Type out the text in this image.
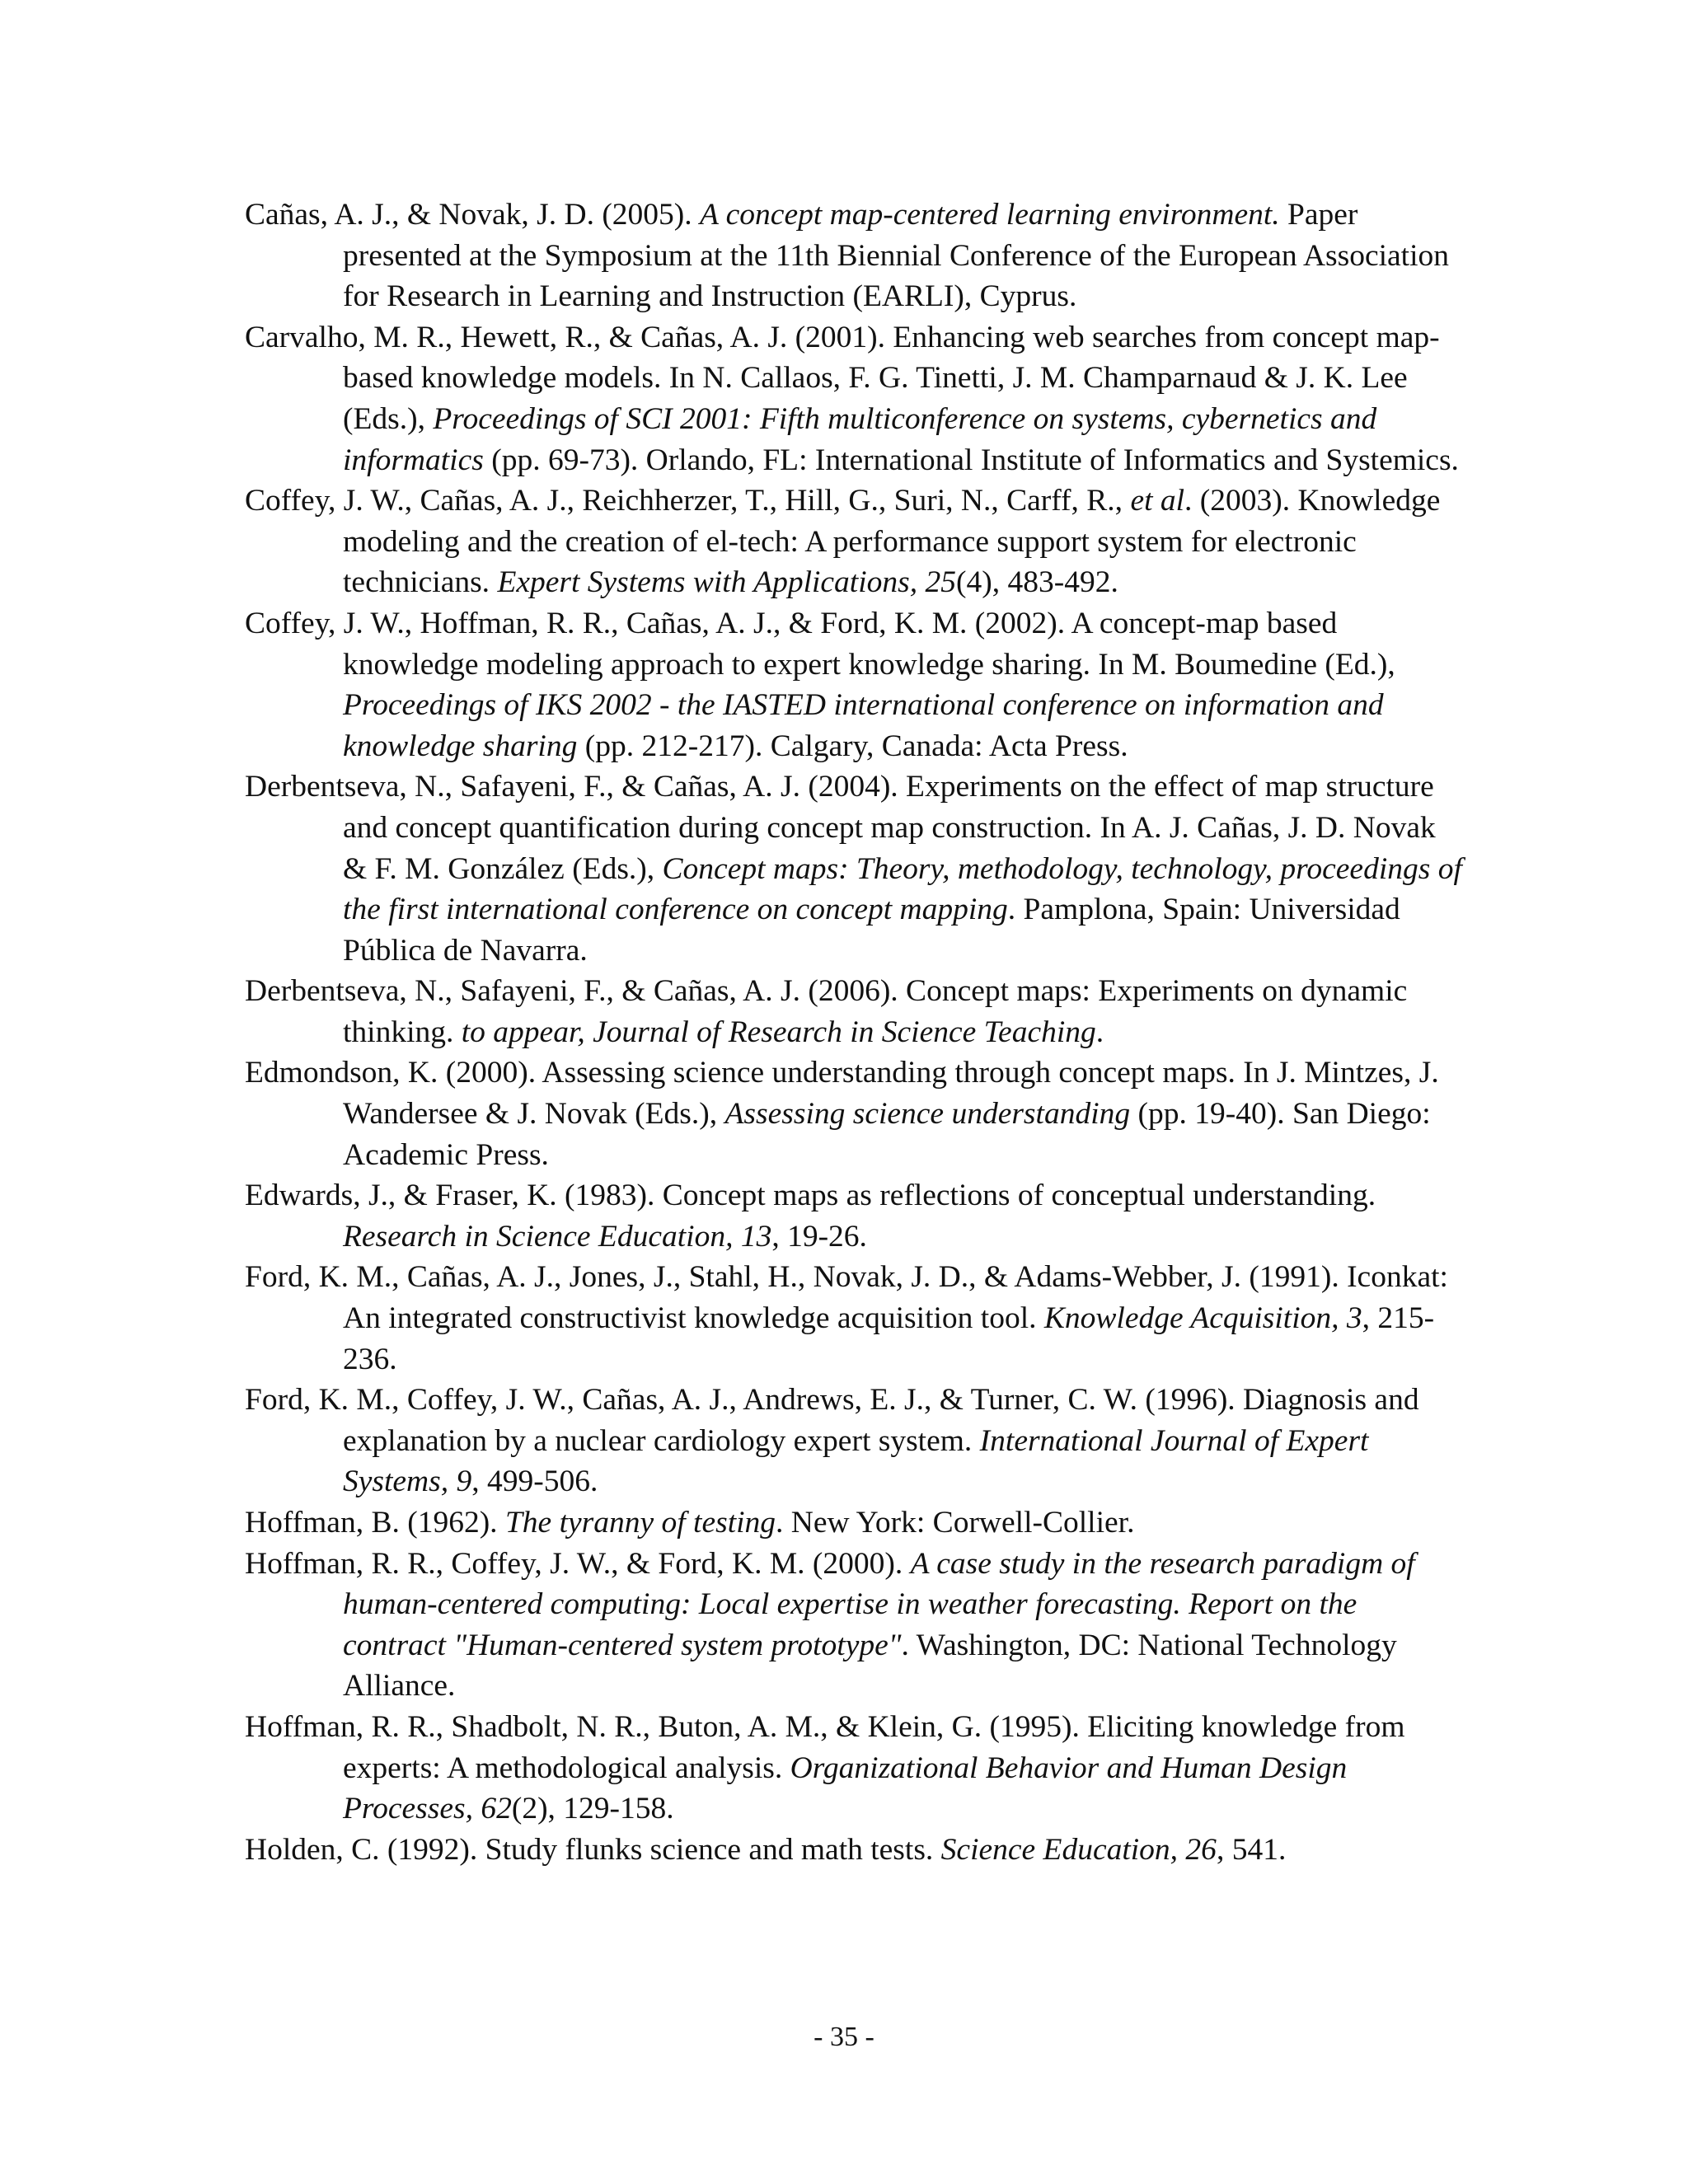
Cañas, A. J., & Novak, J. D. (2005). A concept map-centered learning environment. Paper presented at the Symposium at the 11th Biennial Conference of the European Association for Research in Learning and Instruction (EARLI), Cyprus.
Carvalho, M. R., Hewett, R., & Cañas, A. J. (2001). Enhancing web searches from concept map-based knowledge models. In N. Callaos, F. G. Tinetti, J. M. Champarnaud & J. K. Lee (Eds.), Proceedings of SCI 2001: Fifth multiconference on systems, cybernetics and informatics (pp. 69-73). Orlando, FL: International Institute of Informatics and Systemics.
Coffey, J. W., Cañas, A. J., Reichherzer, T., Hill, G., Suri, N., Carff, R., et al. (2003). Knowledge modeling and the creation of el-tech: A performance support system for electronic technicians. Expert Systems with Applications, 25(4), 483-492.
Coffey, J. W., Hoffman, R. R., Cañas, A. J., & Ford, K. M. (2002). A concept-map based knowledge modeling approach to expert knowledge sharing. In M. Boumedine (Ed.), Proceedings of IKS 2002 - the IASTED international conference on information and knowledge sharing (pp. 212-217). Calgary, Canada: Acta Press.
Derbentseva, N., Safayeni, F., & Cañas, A. J. (2004). Experiments on the effect of map structure and concept quantification during concept map construction. In A. J. Cañas, J. D. Novak & F. M. González (Eds.), Concept maps: Theory, methodology, technology, proceedings of the first international conference on concept mapping. Pamplona, Spain: Universidad Pública de Navarra.
Derbentseva, N., Safayeni, F., & Cañas, A. J. (2006). Concept maps: Experiments on dynamic thinking. to appear, Journal of Research in Science Teaching.
Edmondson, K. (2000). Assessing science understanding through concept maps. In J. Mintzes, J. Wandersee & J. Novak (Eds.), Assessing science understanding (pp. 19-40). San Diego: Academic Press.
Edwards, J., & Fraser, K. (1983). Concept maps as reflections of conceptual understanding. Research in Science Education, 13, 19-26.
Ford, K. M., Cañas, A. J., Jones, J., Stahl, H., Novak, J. D., & Adams-Webber, J. (1991). Iconkat: An integrated constructivist knowledge acquisition tool. Knowledge Acquisition, 3, 215-236.
Ford, K. M., Coffey, J. W., Cañas, A. J., Andrews, E. J., & Turner, C. W. (1996). Diagnosis and explanation by a nuclear cardiology expert system. International Journal of Expert Systems, 9, 499-506.
Hoffman, B. (1962). The tyranny of testing. New York: Corwell-Collier.
Hoffman, R. R., Coffey, J. W., & Ford, K. M. (2000). A case study in the research paradigm of human-centered computing: Local expertise in weather forecasting. Report on the contract "Human-centered system prototype". Washington, DC: National Technology Alliance.
Hoffman, R. R., Shadbolt, N. R., Buton, A. M., & Klein, G. (1995). Eliciting knowledge from experts: A methodological analysis. Organizational Behavior and Human Design Processes, 62(2), 129-158.
Holden, C. (1992). Study flunks science and math tests. Science Education, 26, 541.
- 35 -
